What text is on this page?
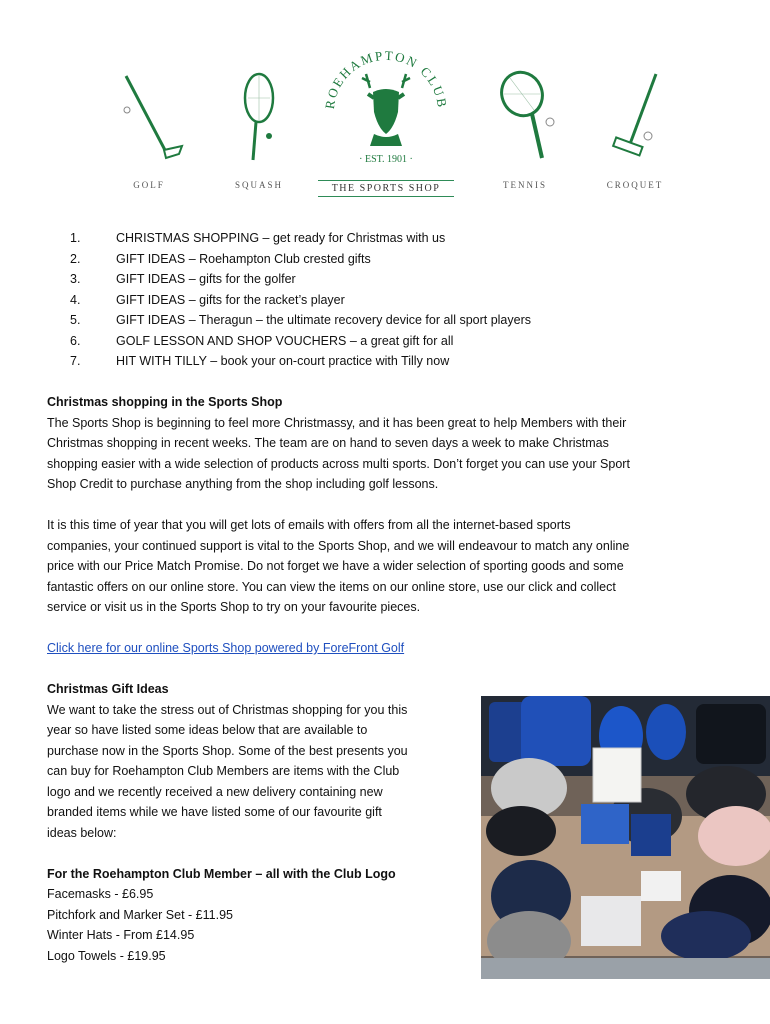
GOLF	SQUASH
ROEHAMPTON CLUB
· EST. 1901 ·
THE SPORTS SHOP	TENNIS	CROQUET
1.	CHRISTMAS SHOPPING – get ready for Christmas with us
2.	GIFT IDEAS – Roehampton Club crested gifts
3.	GIFT IDEAS – gifts for the golfer
4.	GIFT IDEAS – gifts for the racket’s player
5.	GIFT IDEAS – Theragun – the ultimate recovery device for all sport players
6.	GOLF LESSON AND SHOP VOUCHERS – a great gift for all
7.	HIT WITH TILLY – book your on-court practice with Tilly now
Christmas shopping in the Sports Shop
The Sports Shop is beginning to feel more Christmassy, and it has been great to help Members with their
Christmas shopping in recent weeks. The team are on hand to seven days a week to make Christmas
shopping easier with a wide selection of products across multi sports. Don’t forget you can use your Sport
Shop Credit to purchase anything from the shop including golf lessons.
It is this time of year that you will get lots of emails with offers from all the internet-based sports
companies, your continued support is vital to the Sports Shop, and we will endeavour to match any online
price with our Price Match Promise. Do not forget we have a wider selection of sporting goods and some
fantastic offers on our online store. You can view the items on our online store, use our click and collect
service or visit us in the Sports Shop to try on your favourite pieces.
Click here for our online Sports Shop powered by ForeFront Golf
Christmas Gift Ideas
We want to take the stress out of Christmas shopping for you this
year so have listed some ideas below that are available to
purchase now in the Sports Shop. Some of the best presents you
can buy for Roehampton Club Members are items with the Club
logo and we recently received a new delivery containing new
branded items while we have listed some of our favourite gift
ideas below:
For the Roehampton Club Member – all with the Club Logo
Facemasks - £6.95
Pitchfork and Marker Set - £11.95
Winter Hats - From £14.95
Logo Towels - £19.95
